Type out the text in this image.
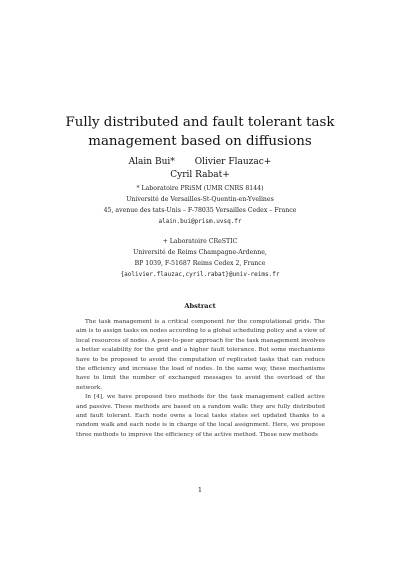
Fully distributed and fault tolerant task
management based on diffusions
Alain Bui* Olivier Flauzac+
Cyril Rabat+
* Laboratoire PRiSM (UMR CNRS 8144)
Université de Versailles-St-Quentin-en-Yvelines
45, avenue des tats-Unis – F-78035 Versailles Cedex – France
alain.bui@prism.uvsq.fr
+ Laboratoire CReSTIC
Université de Reims Champagne-Ardenne,
BP 1039, F-51687 Reims Cedex 2, France
{aolivier.flauzac,cyril.rabat}@univ-reims.fr
Abstract

The task management is a critical component for the computational grids. The aim is to assign tasks on nodes according to a global scheduling policy and a view of local resources of nodes. A peer-to-peer approach for the task management involves a better scalability for the grid and a higher fault tolerance. But some mechanisms have to be proposed to avoid the computation of replicated tasks that can reduce the efficiency and increase the load of nodes. In the same way, these mechanisms have to limit the number of exchanged messages to avoid the overload of the network.

In [4], we have proposed two methods for the task management called active and passive. These methods are based on a random walk: they are fully distributed and fault tolerant. Each node owns a local tasks states set updated thanks to a random walk and each node is in charge of the local assignment. Here, we propose three methods to improve the efficiency of the active method. These new methods

1
